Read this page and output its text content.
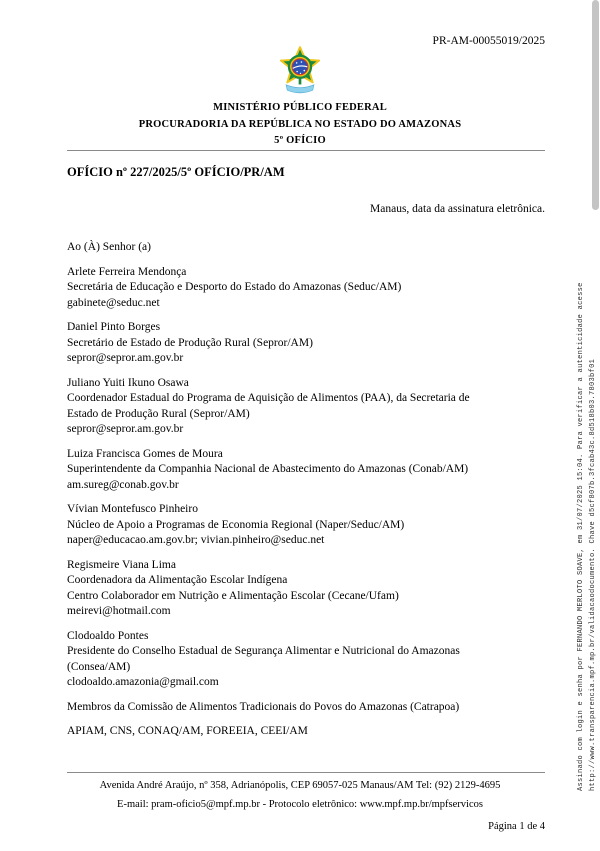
PR-AM-00055019/2025
MINISTÉRIO PÚBLICO FEDERAL
PROCURADORIA DA REPÚBLICA NO ESTADO DO AMAZONAS
5º OFÍCIO
OFÍCIO nº 227/2025/5º OFÍCIO/PR/AM
Manaus, data da assinatura eletrônica.

Ao (À) Senhor (a)

Arlete Ferreira Mendonça
Secretária de Educação e Desporto do Estado do Amazonas (Seduc/AM)
gabinete@seduc.net

Daniel Pinto Borges
Secretário de Estado de Produção Rural (Sepror/AM)
sepror@sepror.am.gov.br

Juliano Yuiti Ikuno Osawa
Coordenador Estadual do Programa de Aquisição de Alimentos (PAA), da Secretaria de
Estado de Produção Rural (Sepror/AM)
sepror@sepror.am.gov.br

Luiza Francisca Gomes de Moura
Superintendente da Companhia Nacional de Abastecimento do Amazonas (Conab/AM)
am.sureg@conab.gov.br

Vívian Montefusco Pinheiro
Núcleo de Apoio a Programas de Economia Regional (Naper/Seduc/AM)
naper@educacao.am.gov.br; vivian.pinheiro@seduc.net

Regismeire Viana Lima
Coordenadora da Alimentação Escolar Indígena
Centro Colaborador em Nutrição e Alimentação Escolar (Cecane/Ufam)
meirevi@hotmail.com

Clodoaldo Pontes
Presidente do Conselho Estadual de Segurança Alimentar e Nutricional do Amazonas
(Consea/AM)
clodoaldo.amazonia@gmail.com

Membros da Comissão de Alimentos Tradicionais do Povos do Amazonas (Catrapoa)

APIAM, CNS, CONAQ/AM, FOREEIA, CEEI/AM

Avenida André Araújo, nº 358, Adrianópolis, CEP 69057-025 Manaus/AM Tel: (92) 2129-4695
E-mail: pram-oficio5@mpf.mp.br - Protocolo eletrônico: www.mpf.mp.br/mpfservicos
Página 1 de 4
Assinado com login e senha por FERNANDO MERLOTO SOAVE, em 31/07/2025 15:04. Para verificar a autenticidade acesse http://www.transparencia.mpf.mp.br/validacaodocumento. Chave d5cf807b.3fcab43c.8d518b03.7803bf01
